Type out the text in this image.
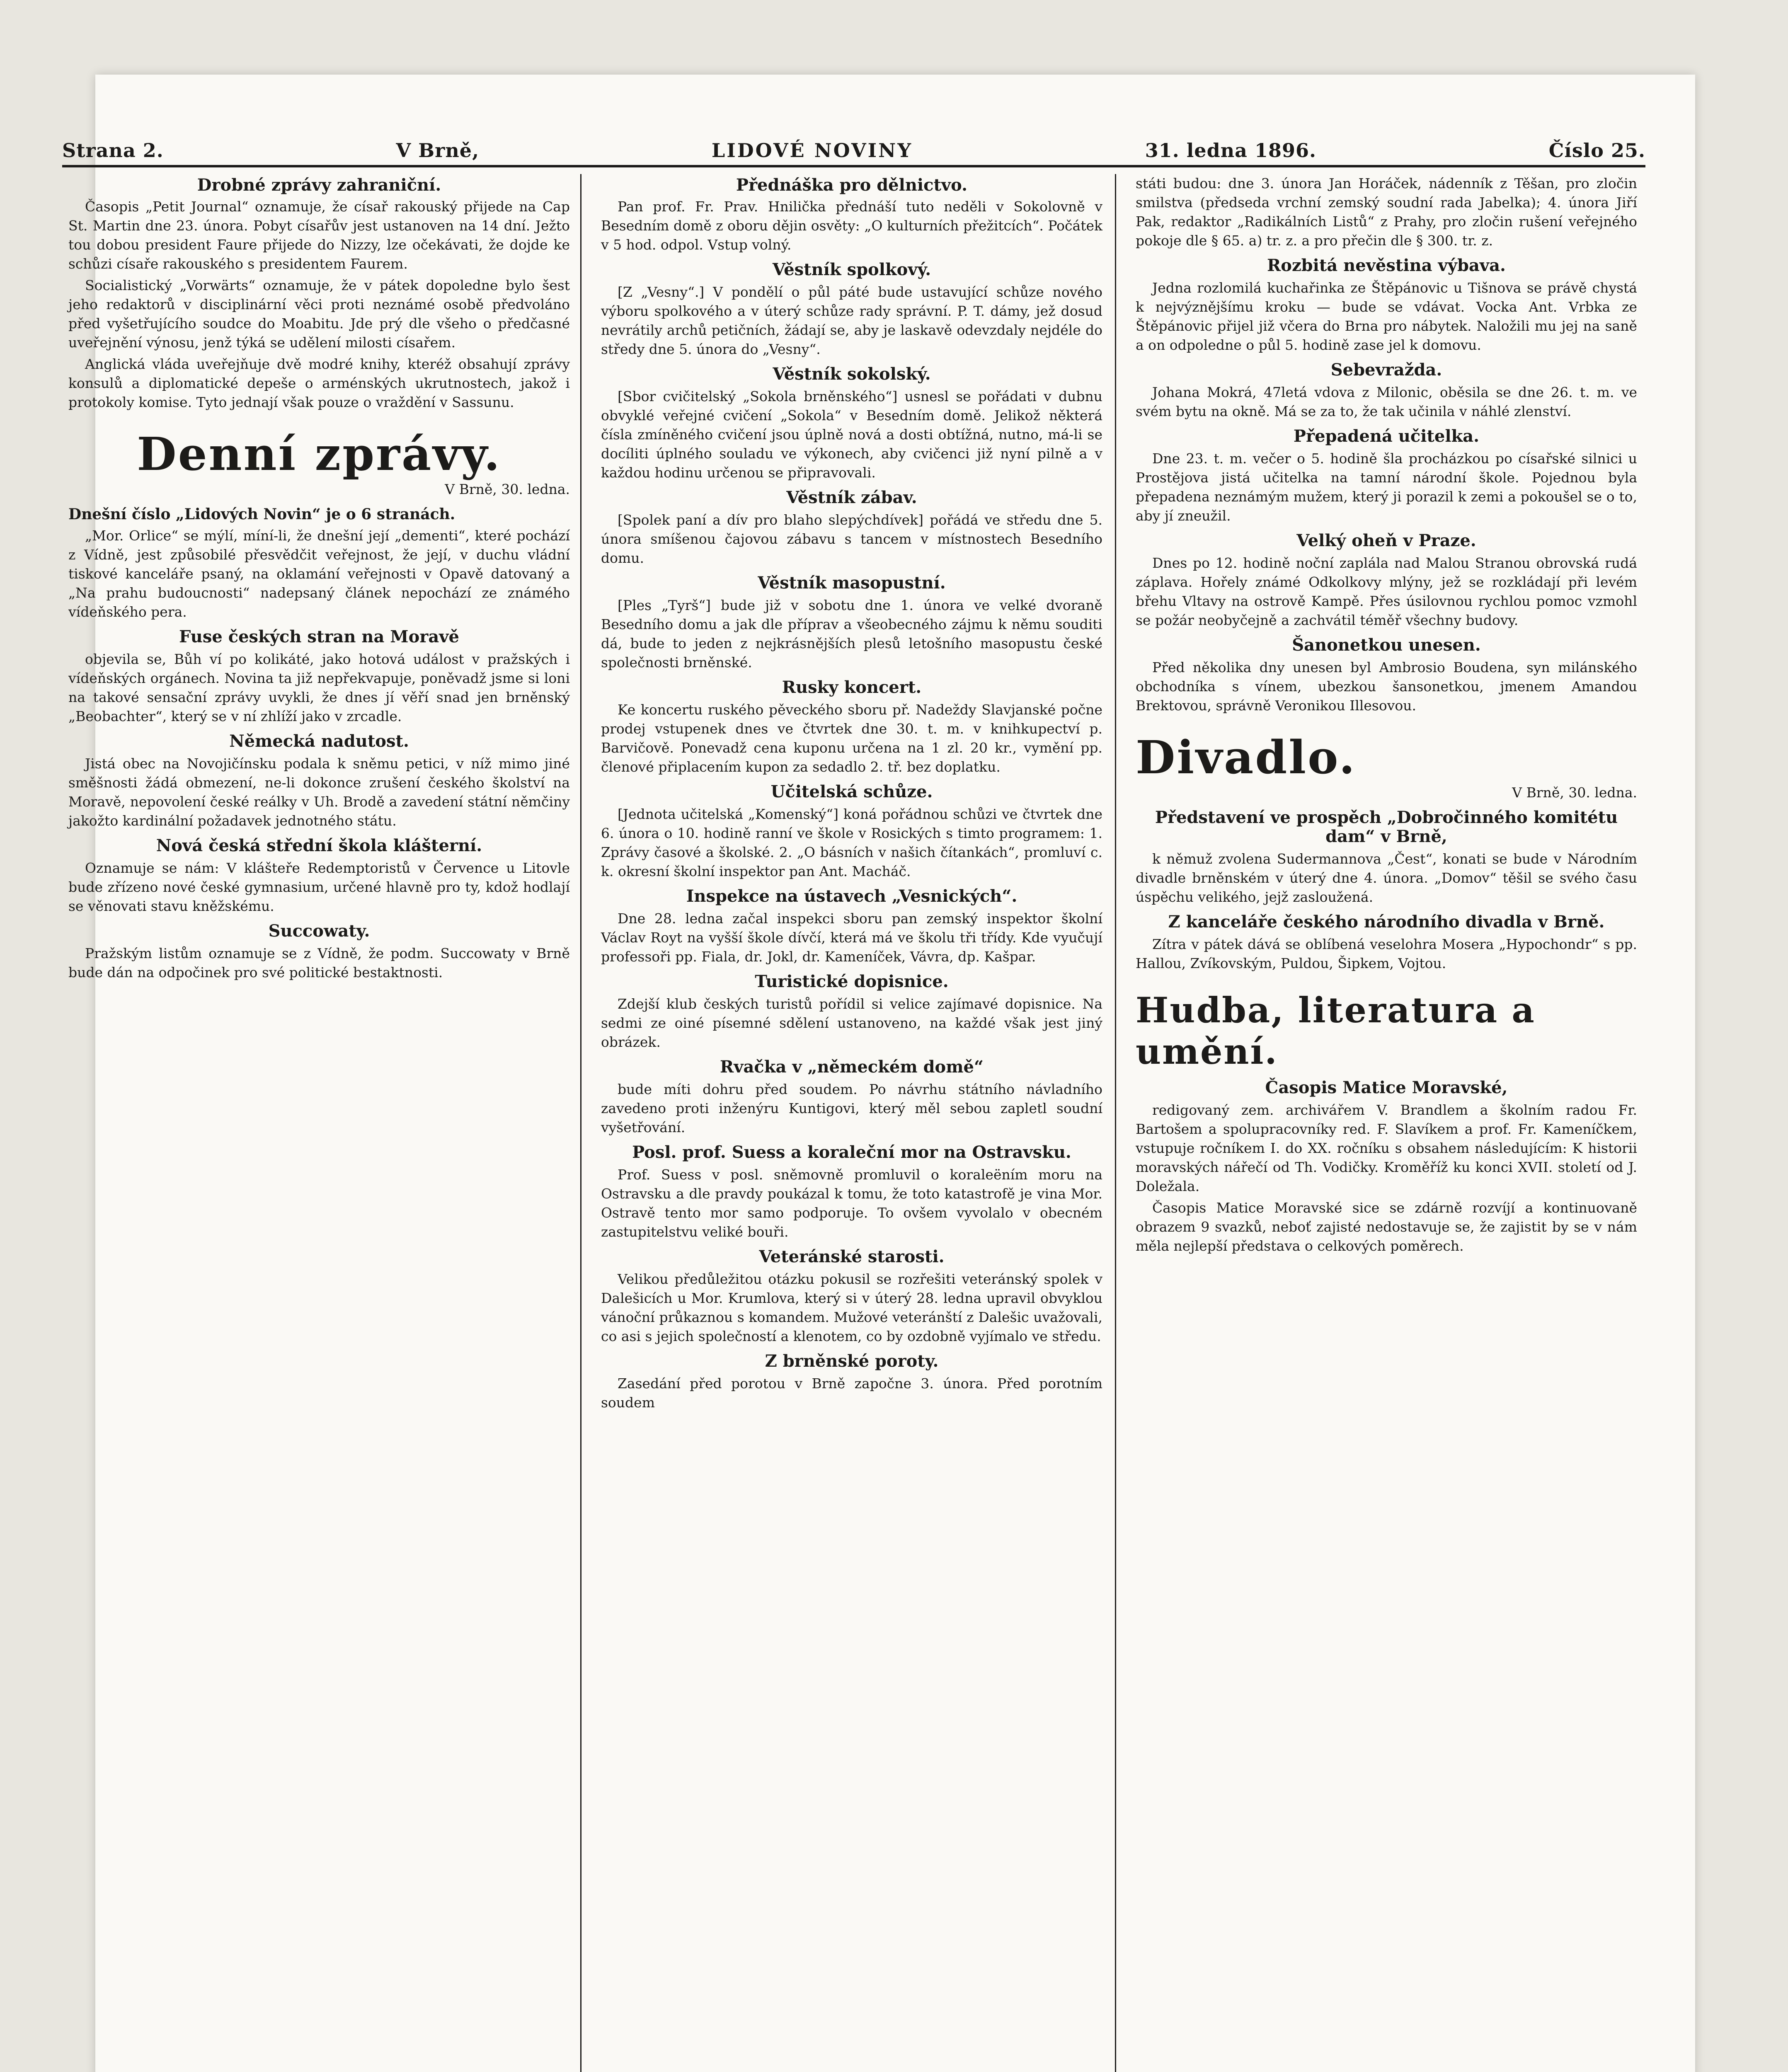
Strana 2.	V Brně,	LIDOVÉ NOVINY	31. ledna 1896.	Číslo 25.
Drobné zprávy zahraniční.

Časopis „Petit Journal“ oznamuje, že císař rakouský přijede na Cap St. Martin dne 23. února. Pobyt císařův jest ustanoven na 14 dní. Ježto tou dobou president Faure přijede do Nizzy, lze očekávati, že dojde ke schůzi císaře rakouského s presidentem Faurem.

Socialistický „Vorwärts“ oznamuje, že v pátek dopoledne bylo šest jeho redaktorů v disciplinární věci proti neznámé osobě předvoláno před vyšetřujícího soudce do Moabitu. Jde prý dle všeho o předčasné uveřejnění výnosu, jenž týká se udělení milosti císařem.

Anglická vláda uveřejňuje dvě modré knihy, kteréž obsahují zprávy konsulů a diplomatické depeše o arménských ukrutnostech, jakož i protokoly komise. Tyto jednají však pouze o vraždění v Sassunu.

Denní zprávy.
V Brně, 30. ledna.

Dnešní číslo „Lidových Novin“ je o 6 stranách.

„Mor. Orlice“ se mýlí, míní-li, že dnešní její „dementi“, které pochází z Vídně, jest způsobilé přesvědčit veřejnost, že její, v duchu vládní tiskové kanceláře psaný, na oklamání veřejnosti v Opavě datovaný a „Na prahu budoucnosti“ nadepsaný článek nepochází ze známého vídeňského pera.

Fuse českých stran na Moravě

objevila se, Bůh ví po kolikáté, jako hotová událost v pražských i vídeňských orgánech. Novina ta již nepřekvapuje, poněvadž jsme si loni na takové sensační zprávy uvykli, že dnes jí věří snad jen brněnský „Beobachter“, který se v ní zhlíží jako v zrcadle.

Německá nadutost.

Jistá obec na Novojičínsku podala k sněmu petici, v níž mimo jiné směšnosti žádá obmezení, ne-li dokonce zrušení českého školství na Moravě, nepovolení české reálky v Uh. Brodě a zavedení státní němčiny jakožto kardinální požadavek jednotného státu.

Nová česká střední škola klášterní.

Oznamuje se nám: V klášteře Redemptoristů v Července u Litovle bude zřízeno nové české gymnasium, určené hlavně pro ty, kdož hodlají se věnovati stavu kněžskému.

Succowaty.

Pražským listům oznamuje se z Vídně, že podm. Succowaty v Brně bude dán na odpočinek pro své politické bestaktnosti.

Přednáška pro dělnictvo.

Pan prof. Fr. Prav. Hnilička přednáší tuto neděli v Sokolovně v Besedním domě z oboru dějin osvěty: „O kulturních přežitcích“. Počátek v 5 hod. odpol. Vstup volný.

Věstník spolkový.

[Z „Vesny“.] V pondělí o půl páté bude ustavující schůze nového výboru spolkového a v úterý schůze rady správní. P. T. dámy, jež dosud nevrátily archů petičních, žádají se, aby je laskavě odevzdaly nejdéle do středy dne 5. února do „Vesny“.

Věstník sokolský.

[Sbor cvičitelský „Sokola brněnského“] usnesl se pořádati v dubnu obvyklé veřejné cvičení „Sokola“ v Besedním domě. Jelikož některá čísla zmíněného cvičení jsou úplně nová a dosti obtížná, nutno, má-li se docíliti úplného souladu ve výkonech, aby cvičenci již nyní pilně a v každou hodinu určenou se připravovali.

Věstník zábav.

[Spolek paní a dív pro blaho slepýchdívek] pořádá ve středu dne 5. února smíšenou čajovou zábavu s tancem v místnostech Besedního domu.

Věstník masopustní.

[Ples „Tyrš“] bude již v sobotu dne 1. února ve velké dvoraně Besedního domu a jak dle příprav a všeobecného zájmu k němu souditi dá, bude to jeden z nejkrásnějších plesů letošního masopustu české společnosti brněnské.

Rusky koncert.

Ke koncertu ruského pěveckého sboru př. Nadeždy Slavjanské počne prodej vstupenek dnes ve čtvrtek dne 30. t. m. v knihkupectví p. Barvičově. Ponevadž cena kuponu určena na 1 zl. 20 kr., vymění pp. členové připlacením kupon za sedadlo 2. tř. bez doplatku.

Učitelská schůze.

[Jednota učitelská „Komenský“] koná pořádnou schůzi ve čtvrtek dne 6. února o 10. hodině ranní ve škole v Rosických s timto programem: 1. Zprávy časové a školské. 2. „O básních v našich čítankách“, promluví c. k. okresní školní inspektor pan Ant. Macháč.

Inspekce na ústavech „Vesnických“.

Dne 28. ledna začal inspekci sboru pan zemský inspektor školní Václav Royt na vyšší škole dívčí, která má ve školu tři třídy. Kde vyučují professoři pp. Fiala, dr. Jokl, dr. Kameníček, Vávra, dp. Kašpar.

Turistické dopisnice.

Zdejší klub českých turistů pořídil si velice zajímavé dopisnice. Na sedmi ze oiné písemné sdělení ustanoveno, na každé však jest jiný obrázek.

Rvačka v „německém domě“

bude míti dohru před soudem. Po návrhu státního návladního zavedeno proti inženýru Kuntigovi, který měl sebou zapletl soudní vyšetřování.

Posl. prof. Suess a koraleční mor na Ostravsku.

Prof. Suess v posl. sněmovně promluvil o koraleëním moru na Ostravsku a dle pravdy poukázal k tomu, že toto katastrofě je vina Mor. Ostravě tento mor samo podporuje. To ovšem vyvolalo v obecném zastupitelstvu veliké bouři.

Veteránské starosti.

Velikou předůležitou otázku pokusil se rozřešiti veteránský spolek v Dalešicích u Mor. Krumlova, který si v úterý 28. ledna upravil obvyklou vánoční průkaznou s komandem. Mužové veteránští z Dalešic uvažovali, co asi s jejich společností a klenotem, co by ozdobně vyjímalo ve středu.

Z brněnské poroty.

Zasedání před porotou v Brně započne 3. února. Před porotním soudem

státi budou: dne 3. února Jan Horáček, nádenník z Těšan, pro zločin smilstva (předseda vrchní zemský soudní rada Jabelka); 4. února Jiří Pak, redaktor „Radikálních Listů“ z Prahy, pro zločin rušení veřejného pokoje dle § 65. a) tr. z. a pro přečin dle § 300. tr. z.

Rozbitá nevěstina výbava.

Jedna rozlomilá kuchařinka ze Štěpánovic u Tišnova se právě chystá k nejvýznějšímu kroku — bude se vdávat. Vocka Ant. Vrbka ze Štěpánovic přijel již včera do Brna pro nábytek. Naložili mu jej na saně a on odpoledne o půl 5. hodině zase jel k domovu.

Sebevražda.

Johana Mokrá, 47letá vdova z Milonic, oběsila se dne 26. t. m. ve svém bytu na okně. Má se za to, že tak učinila v náhlé zlenství.

Přepadená učitelka.

Dne 23. t. m. večer o 5. hodině šla procházkou po císařské silnici u Prostějova jistá učitelka na tamní národní škole. Pojednou byla přepadena neznámým mužem, který ji porazil k zemi a pokoušel se o to, aby jí zneužil.

Velký oheň v Praze.

Dnes po 12. hodině noční zaplála nad Malou Stranou obrovská rudá záplava. Hořely známé Odkolkovy mlýny, jež se rozkládají při levém břehu Vltavy na ostrově Kampě. Přes úsilovnou rychlou pomoc vzmohl se požár neobyčejně a zachvátil téměř všechny budovy.

Šanonetkou unesen.

Před několika dny unesen byl Ambrosio Boudena, syn milánského obchodníka s vínem, ubezkou šansonetkou, jmenem Amandou Brektovou, správně Veronikou Illesovou.

Divadlo.
V Brně, 30. ledna.
Představení ve prospěch „Dobročinného komitétu dam“ v Brně,

k němuž zvolena Sudermannova „Čest“, konati se bude v Národním divadle brněnském v úterý dne 4. února. „Domov“ těšil se svého času úspěchu velikého, jejž zasloužená.

Z kanceláře českého národního divadla v Brně.

Zítra v pátek dává se oblíbená veselohra Mosera „Hypochondr“ s pp. Hallou, Zvíkovským, Puldou, Šipkem, Vojtou.

Hudba, literatura a umění.
Časopis Matice Moravské,

redigovaný zem. archivářem V. Brandlem a školním radou Fr. Bartošem a spolupracovníky red. F. Slavíkem a prof. Fr. Kameníčkem, vstupuje ročníkem I. do XX. ročníku s obsahem následujícím: K historii moravských nářečí od Th. Vodičky. Kroměříž ku konci XVII. století od J. Doležala.

Časopis Matice Moravské sice se zdárně rozvíjí a kontinuovaně obrazem 9 svazků, neboť zajisté nedostavuje se, že zajistit by se v nám měla nejlepší představa o celkových poměrech.
